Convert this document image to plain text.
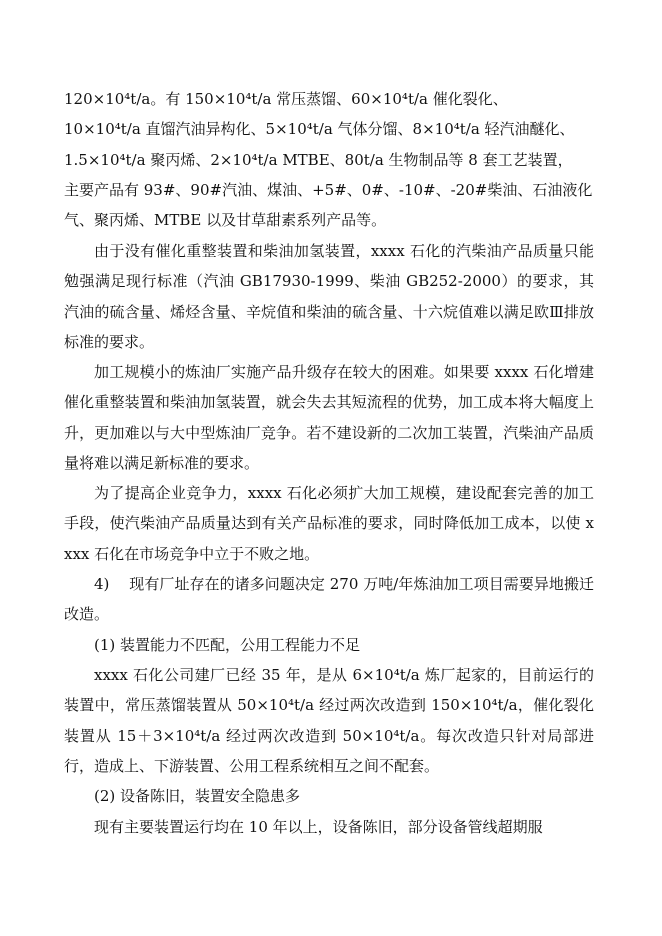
120×10⁴t/a。有 150×10⁴t/a 常压蒸馏、60×10⁴t/a 催化裂化、
10×10⁴t/a 直馏汽油异构化、5×10⁴t/a 气体分馏、8×10⁴t/a 轻汽油醚化、
1.5×10⁴t/a 聚丙烯、2×10⁴t/a MTBE、80t/a 生物制品等 8 套工艺装置，
主要产品有 93#、90#汽油、煤油、+5#、0#、-10#、-20#柴油、石油液化
气、聚丙烯、MTBE 以及甘草甜素系列产品等。

由于没有催化重整装置和柴油加氢装置，xxxx 石化的汽柴油产品质量只能勉强满足现行标准（汽油 GB17930-1999、柴油 GB252-2000）的要求，其汽油的硫含量、烯烃含量、辛烷值和柴油的硫含量、十六烷值难以满足欧Ⅲ排放标准的要求。

加工规模小的炼油厂实施产品升级存在较大的困难。如果要 xxxx 石化增建催化重整装置和柴油加氢装置，就会失去其短流程的优势，加工成本将大幅度上升，更加难以与大中型炼油厂竞争。若不建设新的二次加工装置，汽柴油产品质量将难以满足新标准的要求。

为了提高企业竞争力，xxxx 石化必须扩大加工规模，建设配套完善的加工手段，使汽柴油产品质量达到有关产品标准的要求，同时降低加工成本，以使 xxxx 石化在市场竞争中立于不败之地。

4)　 现有厂址存在的诸多问题决定 270 万吨/年炼油加工项目需要异地搬迁改造。

(1) 装置能力不匹配，公用工程能力不足

xxxx 石化公司建厂已经 35 年，是从 6×10⁴t/a 炼厂起家的，目前运行的装置中，常压蒸馏装置从 50×10⁴t/a 经过两次改造到 150×10⁴t/a，催化裂化装置从 15＋3×10⁴t/a 经过两次改造到 50×10⁴t/a。每次改造只针对局部进行，造成上、下游装置、公用工程系统相互之间不配套。

(2) 设备陈旧，装置安全隐患多

现有主要装置运行均在 10 年以上，设备陈旧，部分设备管线超期服
